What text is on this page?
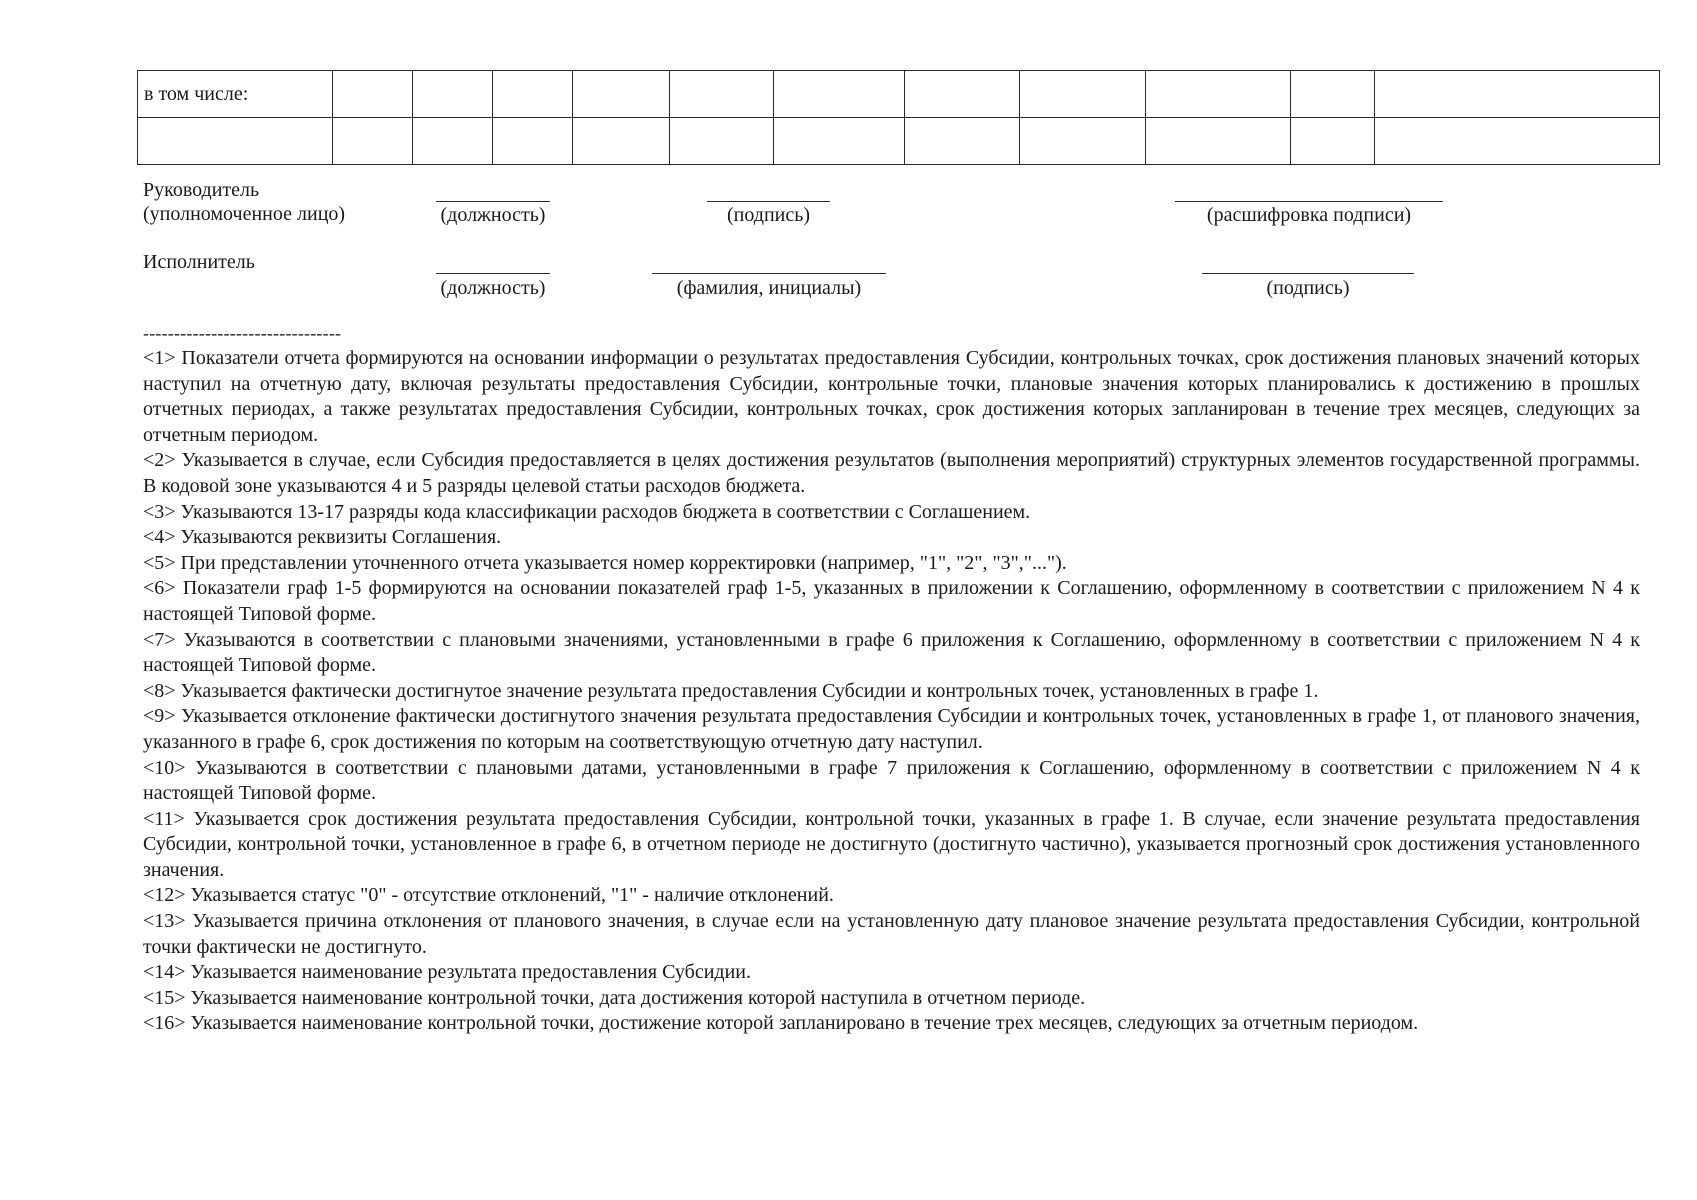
в том числе:											

Руководитель
(уполномоченное лицо)	(должность)	(подпись)	(расшифровка подписи)
Исполнитель
(должность)	(фамилия, инициалы)	(подпись)
--------------------------------

<1> Показатели отчета формируются на основании информации о результатах предоставления Субсидии, контрольных точках, срок достижения плановых значений которых наступил на отчетную дату, включая результаты предоставления Субсидии, контрольные точки, плановые значения которых планировались к достижению в прошлых отчетных периодах, а также результатах предоставления Субсидии, контрольных точках, срок достижения которых запланирован в течение трех месяцев, следующих за отчетным периодом.

<2> Указывается в случае, если Субсидия предоставляется в целях достижения результатов (выполнения мероприятий) структурных элементов государственной программы. В кодовой зоне указываются 4 и 5 разряды целевой статьи расходов бюджета.

<3> Указываются 13-17 разряды кода классификации расходов бюджета в соответствии с Соглашением.

<4> Указываются реквизиты Соглашения.

<5> При представлении уточненного отчета указывается номер корректировки (например, "1", "2", "3","...").

<6> Показатели граф 1-5 формируются на основании показателей граф 1-5, указанных в приложении к Соглашению, оформленному в соответствии с приложением N 4 к настоящей Типовой форме.

<7> Указываются в соответствии с плановыми значениями, установленными в графе 6 приложения к Соглашению, оформленному в соответствии с приложением N 4 к настоящей Типовой форме.

<8> Указывается фактически достигнутое значение результата предоставления Субсидии и контрольных точек, установленных в графе 1.

<9> Указывается отклонение фактически достигнутого значения результата предоставления Субсидии и контрольных точек, установленных в графе 1, от планового значения, указанного в графе 6, срок достижения по которым на соответствующую отчетную дату наступил.

<10> Указываются в соответствии с плановыми датами, установленными в графе 7 приложения к Соглашению, оформленному в соответствии с приложением N 4 к настоящей Типовой форме.

<11> Указывается срок достижения результата предоставления Субсидии, контрольной точки, указанных в графе 1. В случае, если значение результата предоставления Субсидии, контрольной точки, установленное в графе 6, в отчетном периоде не достигнуто (достигнуто частично), указывается прогнозный срок достижения установленного значения.

<12> Указывается статус "0" - отсутствие отклонений, "1" - наличие отклонений.

<13> Указывается причина отклонения от планового значения, в случае если на установленную дату плановое значение результата предоставления Субсидии, контрольной точки фактически не достигнуто.

<14> Указывается наименование результата предоставления Субсидии.

<15> Указывается наименование контрольной точки, дата достижения которой наступила в отчетном периоде.

<16> Указывается наименование контрольной точки, достижение которой запланировано в течение трех месяцев, следующих за отчетным периодом.
